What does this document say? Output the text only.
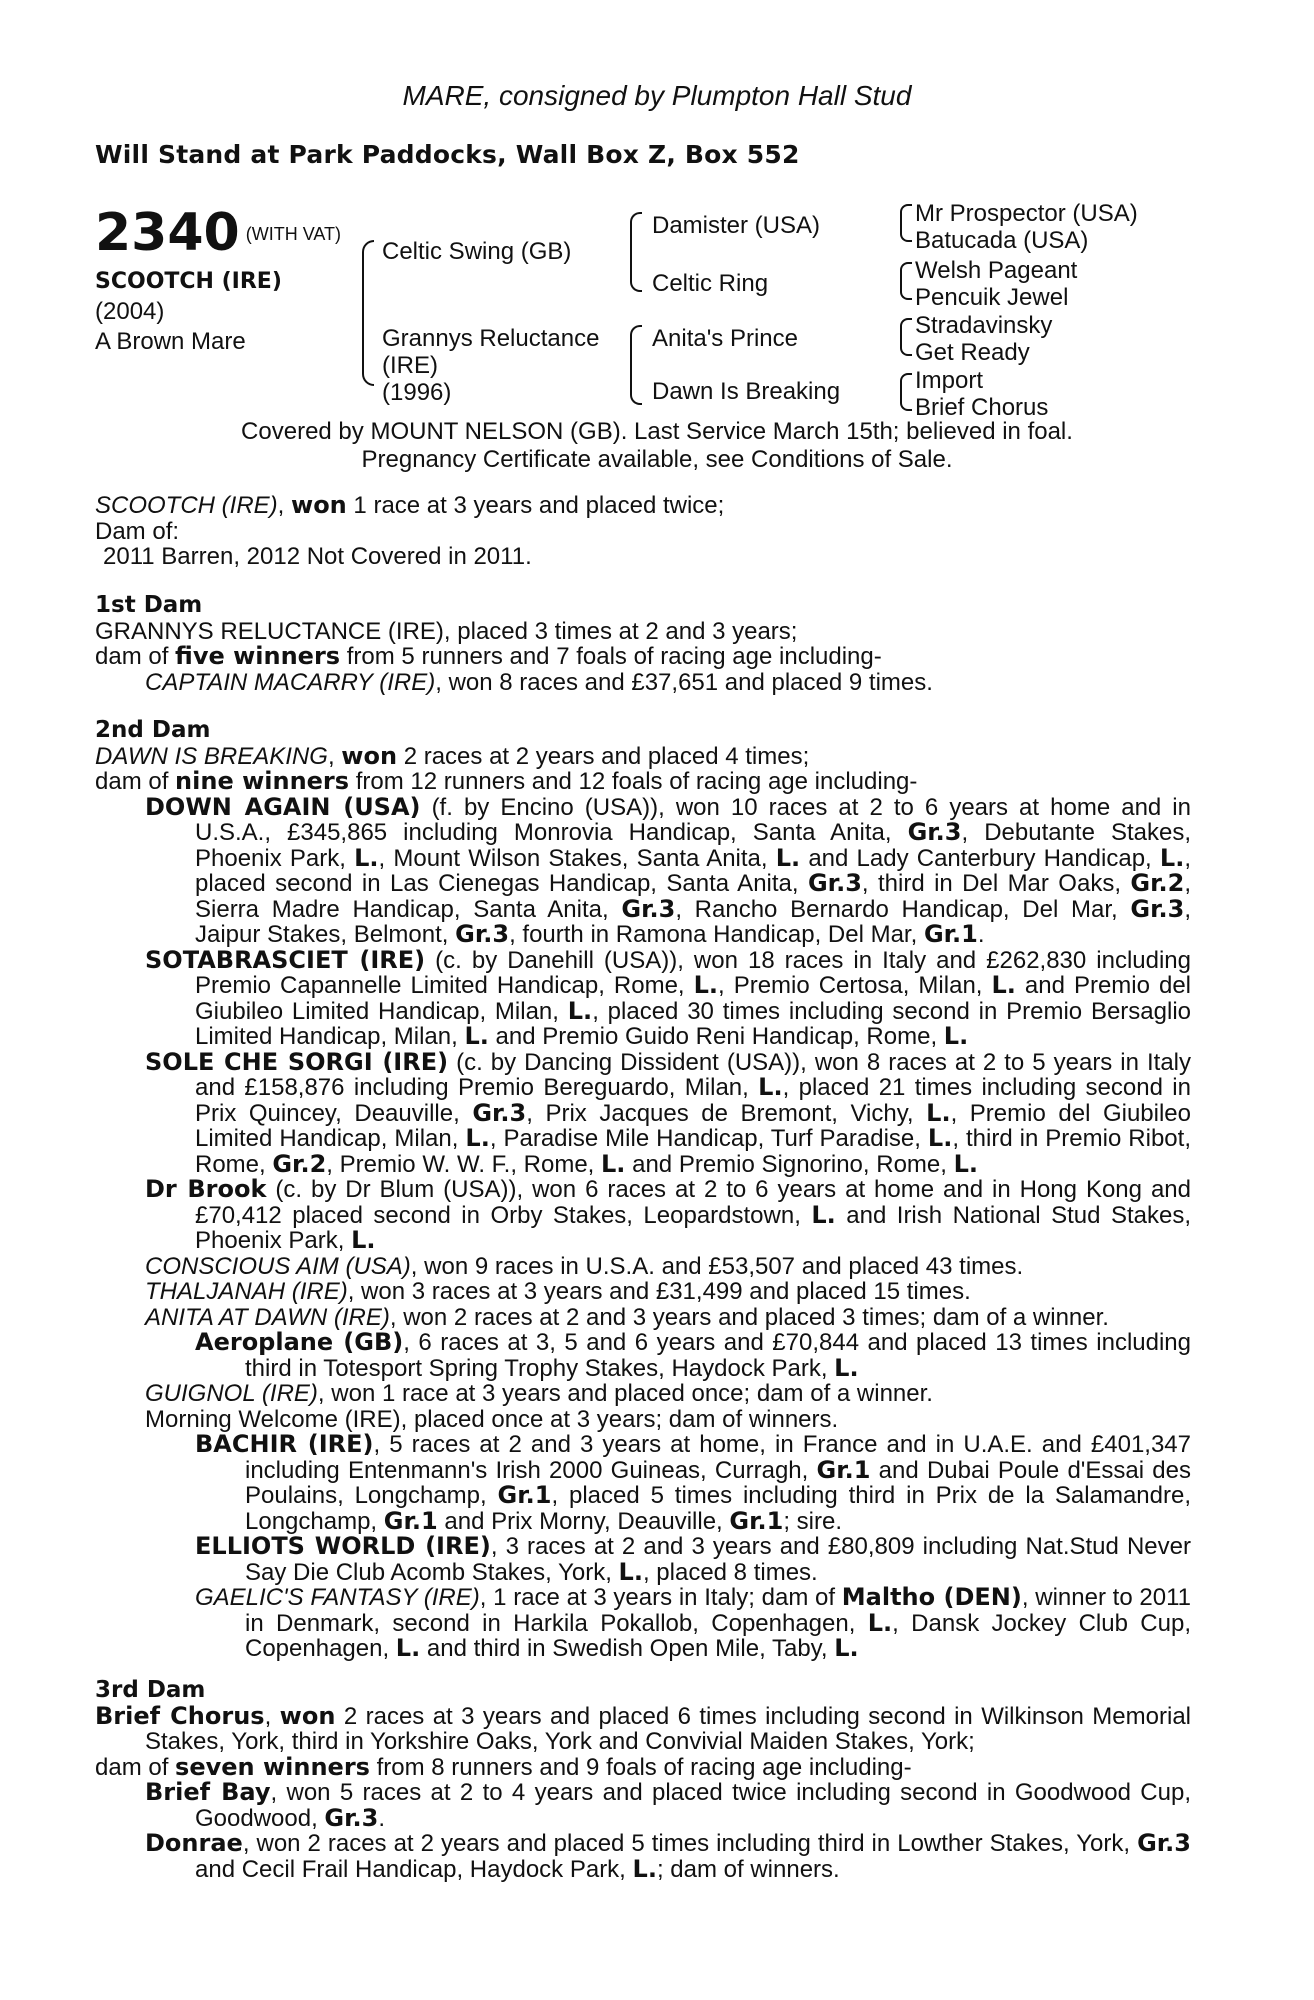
MARE, consigned by Plumpton Hall Stud
Will Stand at Park Paddocks, Wall Box Z, Box 552
2340 $^{(WITH VAT)}$
SCOOTCH (IRE)
(2004)
A Brown Mare
Celtic Swing (GB)
Grannys Reluctance
(IRE)
(1996)
Damister (USA)
Celtic Ring
Anita's Prince
Dawn Is Breaking
Mr Prospector (USA)
Batucada (USA)
Welsh Pageant
Pencuik Jewel
Stradavinsky
Get Ready
Import
Brief Chorus
Covered by MOUNT NELSON (GB). Last Service March 15th; believed in foal.
Pregnancy Certificate available, see Conditions of Sale.

SCOOTCH (IRE), won 1 race at 3 years and placed twice;

Dam of:

2011 Barren, 2012 Not Covered in 2011.

1st Dam

GRANNYS RELUCTANCE (IRE), placed 3 times at 2 and 3 years;

dam of five winners from 5 runners and 7 foals of racing age including-

CAPTAIN MACARRY (IRE), won 8 races and £37,651 and placed 9 times.

2nd Dam

DAWN IS BREAKING, won 2 races at 2 years and placed 4 times;

dam of nine winners from 12 runners and 12 foals of racing age including-

DOWN AGAIN (USA) (f. by Encino (USA)), won 10 races at 2 to 6 years at home and in U.S.A., £345,865 including Monrovia Handicap, Santa Anita, Gr.3, Debutante Stakes, Phoenix Park, L., Mount Wilson Stakes, Santa Anita, L. and Lady Canterbury Handicap, L., placed second in Las Cienegas Handicap, Santa Anita, Gr.3, third in Del Mar Oaks, Gr.2, Sierra Madre Handicap, Santa Anita, Gr.3, Rancho Bernardo Handicap, Del Mar, Gr.3, Jaipur Stakes, Belmont, Gr.3, fourth in Ramona Handicap, Del Mar, Gr.1.

SOTABRASCIET (IRE) (c. by Danehill (USA)), won 18 races in Italy and £262,830 including Premio Capannelle Limited Handicap, Rome, L., Premio Certosa, Milan, L. and Premio del Giubileo Limited Handicap, Milan, L., placed 30 times including second in Premio Bersaglio Limited Handicap, Milan, L. and Premio Guido Reni Handicap, Rome, L.

SOLE CHE SORGI (IRE) (c. by Dancing Dissident (USA)), won 8 races at 2 to 5 years in Italy and £158,876 including Premio Bereguardo, Milan, L., placed 21 times including second in Prix Quincey, Deauville, Gr.3, Prix Jacques de Bremont, Vichy, L., Premio del Giubileo Limited Handicap, Milan, L., Paradise Mile Handicap, Turf Paradise, L., third in Premio Ribot, Rome, Gr.2, Premio W. W. F., Rome, L. and Premio Signorino, Rome, L.

Dr Brook (c. by Dr Blum (USA)), won 6 races at 2 to 6 years at home and in Hong Kong and £70,412 placed second in Orby Stakes, Leopardstown, L. and Irish National Stud Stakes, Phoenix Park, L.

CONSCIOUS AIM (USA), won 9 races in U.S.A. and £53,507 and placed 43 times.

THALJANAH (IRE), won 3 races at 3 years and £31,499 and placed 15 times.

ANITA AT DAWN (IRE), won 2 races at 2 and 3 years and placed 3 times; dam of a winner.

Aeroplane (GB), 6 races at 3, 5 and 6 years and £70,844 and placed 13 times including third in Totesport Spring Trophy Stakes, Haydock Park, L.

GUIGNOL (IRE), won 1 race at 3 years and placed once; dam of a winner.

Morning Welcome (IRE), placed once at 3 years; dam of winners.

BACHIR (IRE), 5 races at 2 and 3 years at home, in France and in U.A.E. and £401,347 including Entenmann's Irish 2000 Guineas, Curragh, Gr.1 and Dubai Poule d'Essai des Poulains, Longchamp, Gr.1, placed 5 times including third in Prix de la Salamandre, Longchamp, Gr.1 and Prix Morny, Deauville, Gr.1; sire.

ELLIOTS WORLD (IRE), 3 races at 2 and 3 years and £80,809 including Nat.Stud Never Say Die Club Acomb Stakes, York, L., placed 8 times.

GAELIC'S FANTASY (IRE), 1 race at 3 years in Italy; dam of Maltho (DEN), winner to 2011 in Denmark, second in Harkila Pokallob, Copenhagen, L., Dansk Jockey Club Cup, Copenhagen, L. and third in Swedish Open Mile, Taby, L.

3rd Dam

Brief Chorus, won 2 races at 3 years and placed 6 times including second in Wilkinson Memorial Stakes, York, third in Yorkshire Oaks, York and Convivial Maiden Stakes, York;

dam of seven winners from 8 runners and 9 foals of racing age including-

Brief Bay, won 5 races at 2 to 4 years and placed twice including second in Goodwood Cup, Goodwood, Gr.3.

Donrae, won 2 races at 2 years and placed 5 times including third in Lowther Stakes, York, Gr.3 and Cecil Frail Handicap, Haydock Park, L.; dam of winners.
